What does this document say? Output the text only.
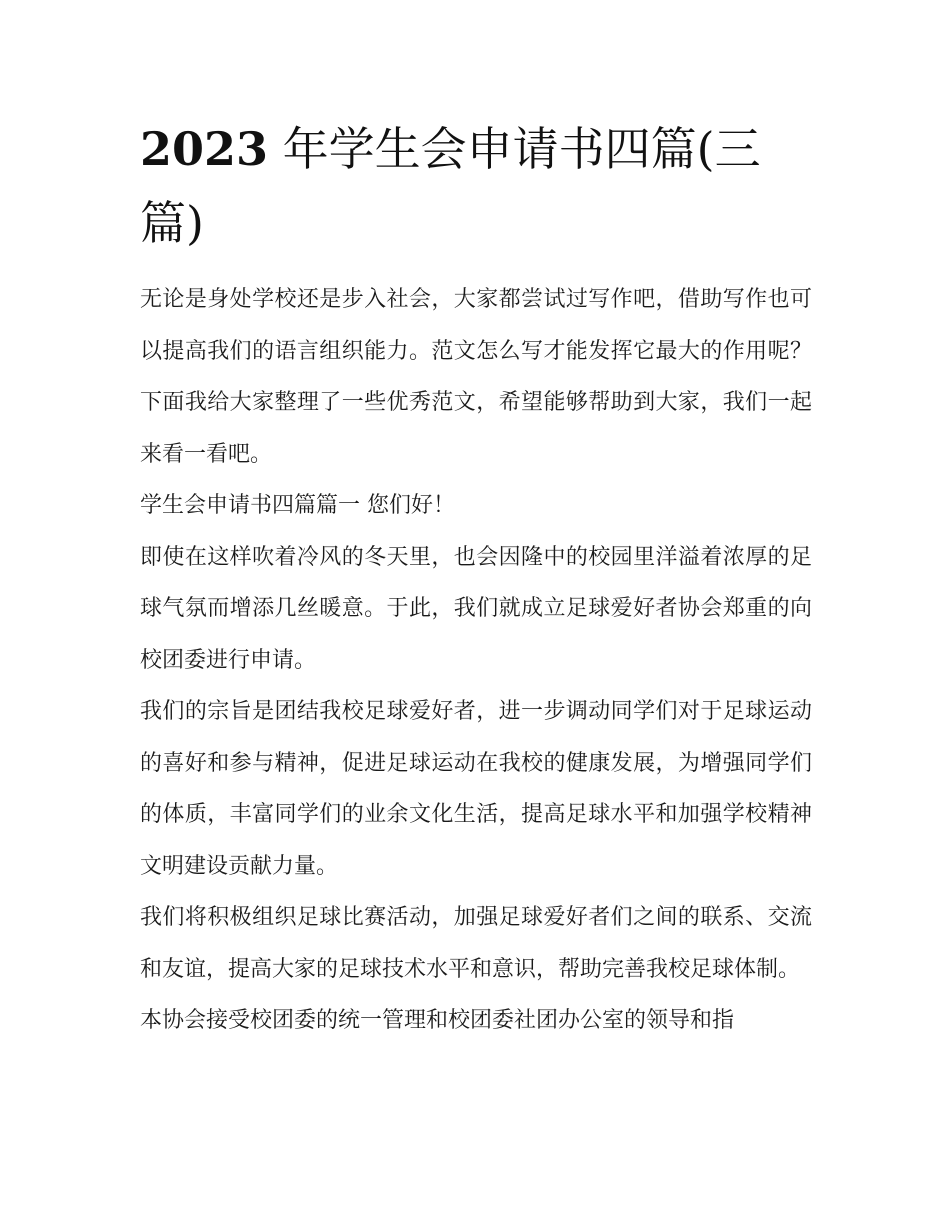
2023 年学生会申请书四篇(三篇)

无论是身处学校还是步入社会，大家都尝试过写作吧，借助写作也可以提高我们的语言组织能力。范文怎么写才能发挥它最大的作用呢？下面我给大家整理了一些优秀范文，希望能够帮助到大家，我们一起来看一看吧。

学生会申请书四篇篇一 您们好！

即使在这样吹着冷风的冬天里，也会因隆中的校园里洋溢着浓厚的足球气氛而增添几丝暖意。于此，我们就成立足球爱好者协会郑重的向校团委进行申请。

我们的宗旨是团结我校足球爱好者，进一步调动同学们对于足球运动的喜好和参与精神，促进足球运动在我校的健康发展，为增强同学们的体质，丰富同学们的业余文化生活，提高足球水平和加强学校精神文明建设贡献力量。

我们将积极组织足球比赛活动，加强足球爱好者们之间的联系、交流和友谊，提高大家的足球技术水平和意识，帮助完善我校足球体制。

本协会接受校团委的统一管理和校团委社团办公室的领导和指
